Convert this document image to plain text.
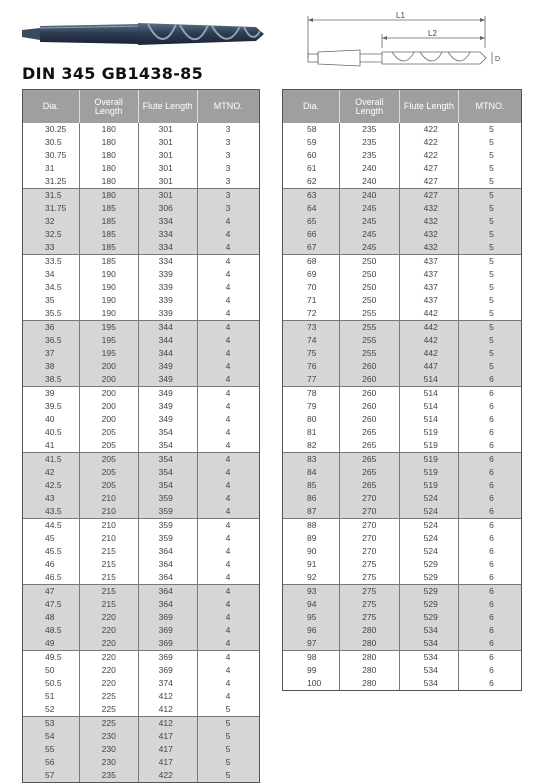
DIN 345 GB1438-85
L1
L2
D
Dia.	Overall Length	Flute Length	MTNO.
30.25	180	301	3
30.5	180	301	3
30.75	180	301	3
31	180	301	3
31.25	180	301	3
31.5	180	301	3
31.75	185	306	3
32	185	334	4
32.5	185	334	4
33	185	334	4
33.5	185	334	4
34	190	339	4
34.5	190	339	4
35	190	339	4
35.5	190	339	4
36	195	344	4
36.5	195	344	4
37	195	344	4
38	200	349	4
38.5	200	349	4
39	200	349	4
39.5	200	349	4
40	200	349	4
40.5	205	354	4
41	205	354	4
41.5	205	354	4
42	205	354	4
42.5	205	354	4
43	210	359	4
43.5	210	359	4
44.5	210	359	4
45	210	359	4
45.5	215	364	4
46	215	364	4
46.5	215	364	4
47	215	364	4
47.5	215	364	4
48	220	369	4
48.5	220	369	4
49	220	369	4
49.5	220	369	4
50	220	369	4
50.5	220	374	4
51	225	412	4
52	225	412	5
53	225	412	5
54	230	417	5
55	230	417	5
56	230	417	5
57	235	422	5
Dia.	Overall Length	Flute Length	MTNO.
58	235	422	5
59	235	422	5
60	235	422	5
61	240	427	5
62	240	427	5
63	240	427	5
64	245	432	5
65	245	432	5
66	245	432	5
67	245	432	5
68	250	437	5
69	250	437	5
70	250	437	5
71	250	437	5
72	255	442	5
73	255	442	5
74	255	442	5
75	255	442	5
76	260	447	5
77	260	514	6
78	260	514	6
79	260	514	6
80	260	514	6
81	265	519	6
82	265	519	6
83	265	519	6
84	265	519	6
85	265	519	6
86	270	524	6
87	270	524	6
88	270	524	6
89	270	524	6
90	270	524	6
91	275	529	6
92	275	529	6
93	275	529	6
94	275	529	6
95	275	529	6
96	280	534	6
97	280	534	6
98	280	534	6
99	280	534	6
100	280	534	6
